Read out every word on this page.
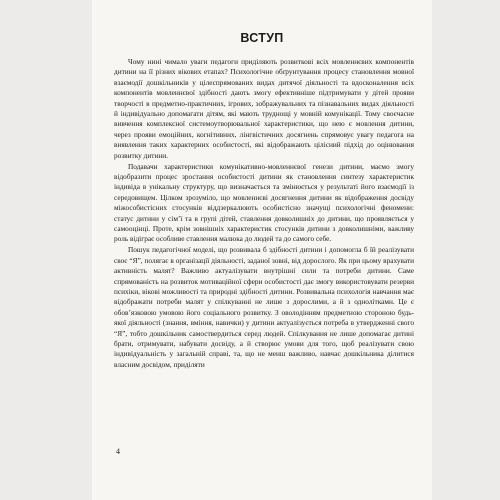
ВСТУП

Чому нині чимало уваги педагоги приділяють розвиткові всіх мовленнєвих компонентів дитини на її різних вікових етапах? Психологічне обґрунтування процесу становлення мовної взаємодії дошкільників у цілеспрямованих видах дитячої діяльності та вдосконалення всіх компонентів мовленнєвої здібності дають змогу ефективніше підтримувати у дітей прояви творчості в предметно-практичних, ігрових, зображувальних та пізнавальних видах діяльності й індивідуально допомагати дітям, які мають труднощі у мовній комунікації. Тому своєчасне вивчення комплексної системоутворювальної характеристики, що нею є мовлення дитини, через прояви емоційних, когнітивних, лінгвістичних досягнень спрямовує увагу педагога на виявлення таких характерних особистості, які відображають цілісний підхід до оцінювання розвитку дитини.

Подавачи характеристики комунікативно-мовленнєвої генези дитини, маємо змогу відобразити процес зростання особистості дитини як становлення синтезу характеристик індивіда в унікальну структуру, що визначається та змінюється у результаті його взаємодії із середовищем. Цілком зрозуміло, що мовленнєві досягнення дитини як відображення досвіду міжособистісних стосунків віддзеркалюють особистісно значущі психологічні феномени: статус дитини у сім’ї та в групі дітей, ставлення довколишніх до дитини, що проявляється у самооцінці. Проте, крім зовнішніх характеристик стосунків дитини з довколишніми, важливу роль відіграє особливе ставлення малюка до людей та до самого себе.

Пошук педагогічної моделі, що розвивала б здібності дитини і допомогла б їй реалізувати своє “Я”, полягає в організації діяльності, заданої зовні, від дорослого. Як при цьому врахувати активність малят? Важливо актуалізувати внутрішні сили та потреби дитини. Саме спрямованість на розвиток мотиваційної сфери особистості дає змогу використовувати резерви психіки, вікові можливості та природні здібності дитини. Розвивальна психологія навчання має відображати потреби малят у спілкуванні не лише з дорослими, а й з одноліткамн. Це є обов’язковою умовою його соціального розвитку. З оволодінням предметною стороною будь-якої діяльності (знання, вміння, навички) у дитини актуалізується потреба в утвердженні свого “Я”, тобто дошкільник самоствердиться серед людей. Спілкування не лише допомагає дитині брати, отримувати, набувати досвіду, а й створює умови для того, щоб реалізувати свою індивідуальність у загальній справі, та, що не менш важливо, навчає дошкільника ділитися власним досвідом, приділяти

4
